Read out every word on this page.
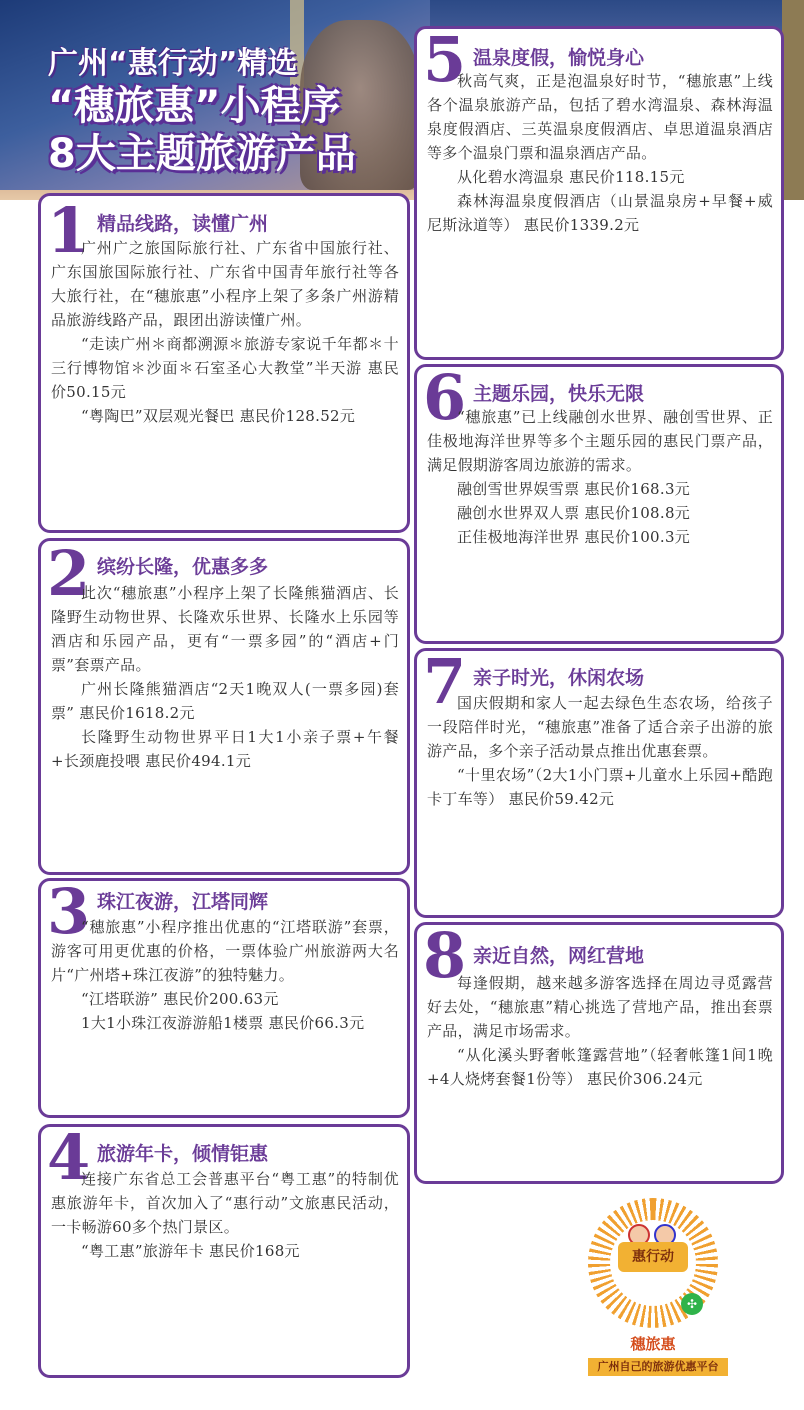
广州“惠行动”精选
“穗旅惠”小程序
8大主题旅游产品
1 精品线路，读懂广州

广州广之旅国际旅行社、广东省中国旅行社、广东国旅国际旅行社、广东省中国青年旅行社等各大旅行社，在“穗旅惠”小程序上架了多条广州游精品旅游线路产品，跟团出游读懂广州。

“走读广州＊商都溯源＊旅游专家说千年都＊十三行博物馆＊沙面＊石室圣心大教堂”半天游 惠民价50.15元

“粤陶巴”双层观光餐巴 惠民价128.52元

2 缤纷长隆，优惠多多

此次“穗旅惠”小程序上架了长隆熊猫酒店、长隆野生动物世界、长隆欢乐世界、长隆水上乐园等酒店和乐园产品，更有“一票多园”的“酒店+门票”套票产品。

广州长隆熊猫酒店“2天1晚双人(一票多园)套票” 惠民价1618.2元

长隆野生动物世界平日1大1小亲子票+午餐+长颈鹿投喂 惠民价494.1元

3 珠江夜游，江塔同辉

“穗旅惠”小程序推出优惠的“江塔联游”套票，游客可用更优惠的价格，一票体验广州旅游两大名片“广州塔+珠江夜游”的独特魅力。

“江塔联游” 惠民价200.63元

1大1小珠江夜游游船1楼票 惠民价66.3元

4 旅游年卡，倾情钜惠

连接广东省总工会普惠平台“粤工惠”的特制优惠旅游年卡，首次加入了“惠行动”文旅惠民活动，一卡畅游60多个热门景区。

“粤工惠”旅游年卡 惠民价168元

5 温泉度假，愉悦身心

秋高气爽，正是泡温泉好时节，“穗旅惠”上线各个温泉旅游产品，包括了碧水湾温泉、森林海温泉度假酒店、三英温泉度假酒店、卓思道温泉酒店等多个温泉门票和温泉酒店产品。

从化碧水湾温泉 惠民价118.15元

森林海温泉度假酒店（山景温泉房+早餐+威尼斯泳道等） 惠民价1339.2元

6 主题乐园，快乐无限

“穗旅惠”已上线融创水世界、融创雪世界、正佳极地海洋世界等多个主题乐园的惠民门票产品，满足假期游客周边旅游的需求。

融创雪世界娱雪票 惠民价168.3元

融创水世界双人票 惠民价108.8元

正佳极地海洋世界 惠民价100.3元

7 亲子时光，休闲农场

国庆假期和家人一起去绿色生态农场，给孩子一段陪伴时光，“穗旅惠”准备了适合亲子出游的旅游产品，多个亲子活动景点推出优惠套票。

“十里农场”（2大1小门票+儿童水上乐园+酷跑卡丁车等） 惠民价59.42元

8 亲近自然，网红营地

每逢假期，越来越多游客选择在周边寻觅露营好去处，“穗旅惠”精心挑选了营地产品，推出套票产品，满足市场需求。

“从化溪头野奢帐篷露营地”（轻奢帐篷1间1晚+4人烧烤套餐1份等） 惠民价306.24元

惠行动
✣
穗旅惠
广州自己的旅游优惠平台
